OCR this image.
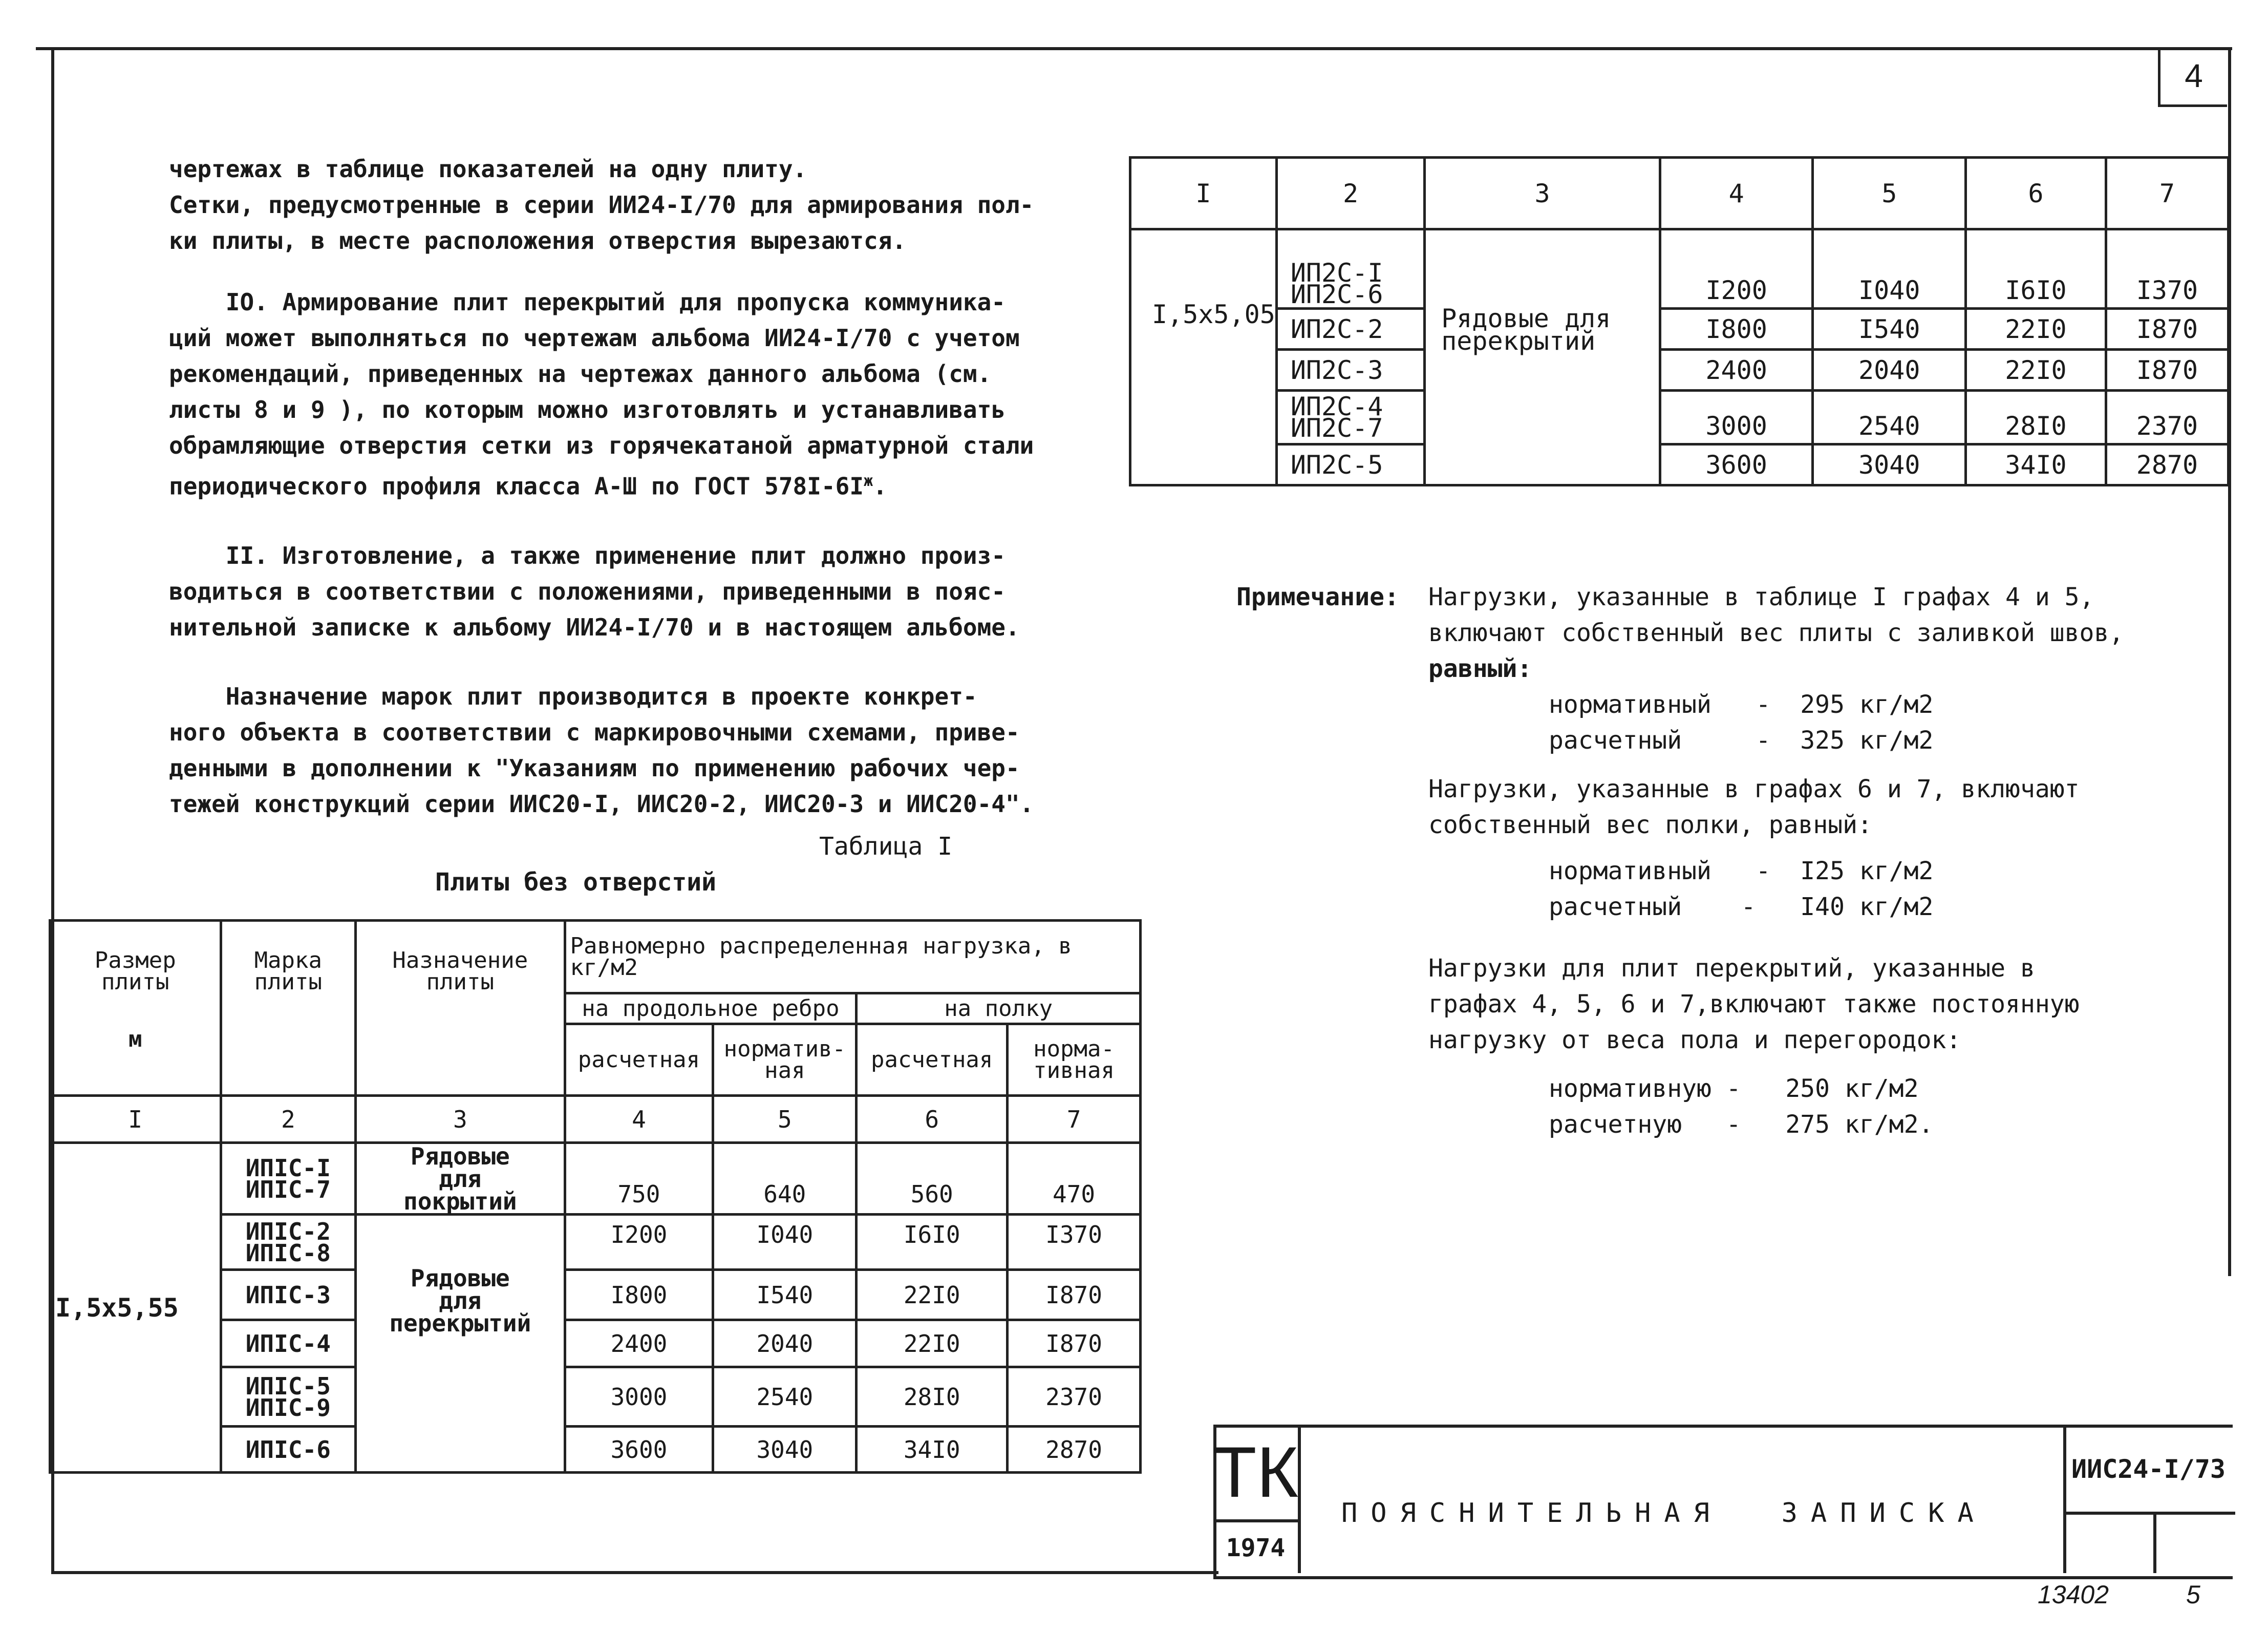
4
чертежах в таблице показателей на одну плиту.
Сетки, предусмотренные в серии ИИ24-I/70 для армирования пол-
ки плиты, в месте расположения отверстия вырезаются.
IO. Армирование плит перекрытий для пропуска коммуника-
ций может выполняться по чертежам альбома ИИ24-I/70 с учетом
рекомендаций, приведенных на чертежах данного альбома (см.
листы 8 и 9 ), по которым можно изготовлять и устанавливать
обрамляющие отверстия сетки из горячекатаной арматурной стали
периодического профиля класса А-Ш по ГОСТ $578I-6I^ж$.
II. Изготовление, а также применение плит должно произ-
водиться в соответствии с положениями, приведенными в пояс-
нительной записке к альбому ИИ24-I/70 и в настоящем альбоме.
Назначение марок плит производится в проекте конкрет-
ного объекта в соответствии с маркировочными схемами, приве-
денными в дополнении к "Указаниям по применению рабочих чер-
тежей конструкций серии ИИС20-I, ИИС20-2, ИИС20-3 и ИИС20-4".
Таблица I
Плиты без отверстий
Размер плиты
м	Марка плиты	Назначение плиты	Равномерно распределенная нагрузка, в кг/м2			

			на продольное ребро		на полку	
			расчетная	норматив-ная	расчетная	норма-тивная

I	2	3	4	5	6	7
I,5x5,55	ИПIС-I
ИПIС-7	Рядовые для покрытий	750	640	560	470

	ИПIС-2
ИПIС-8	Рядовые для перекрытий	I200	I040	I6I0	I370

	ИПIС-3		I800	I540	22I0	I870

	ИПIС-4		2400	2040	22I0	I870

	ИПIС-5
ИПIС-9		3000	2540	28I0	2370

	ИПIС-6		3600	3040	34I0	2870
I	2	3	4	5	6	7
I,5x5,05	ИП2С-I
ИП2С-6	Рядовые для перекрытий	I200	I040	I6I0	I370

	ИП2С-2		I800	I540	22I0	I870

	ИП2С-3		2400	2040	22I0	I870

	ИП2С-4
ИП2С-7		3000	2540	28I0	2370

	ИП2С-5		3600	3040	34I0	2870
Примечание: Нагрузки, указанные в таблице I графах 4 и 5,
включают собственный вес плиты с заливкой швов,
равный:
нормативный   -  295 кг/м2
расчетный     -  325 кг/м2
Нагрузки, указанные в графах 6 и 7, включают
собственный вес полки, равный:
нормативный   -  I25 кг/м2
расчетный    -   I40 кг/м2
Нагрузки для плит перекрытий, указанные в
графах 4, 5, 6 и 7,включают также постоянную
нагрузку от веса пола и перегородок:
нормативную -   250 кг/м2
расчетную   -   275 кг/м2.
ТК
1974
ПОЯСНИТЕЛЬНАЯ  ЗАПИСКА
ИИС24-I/73
13402	5
